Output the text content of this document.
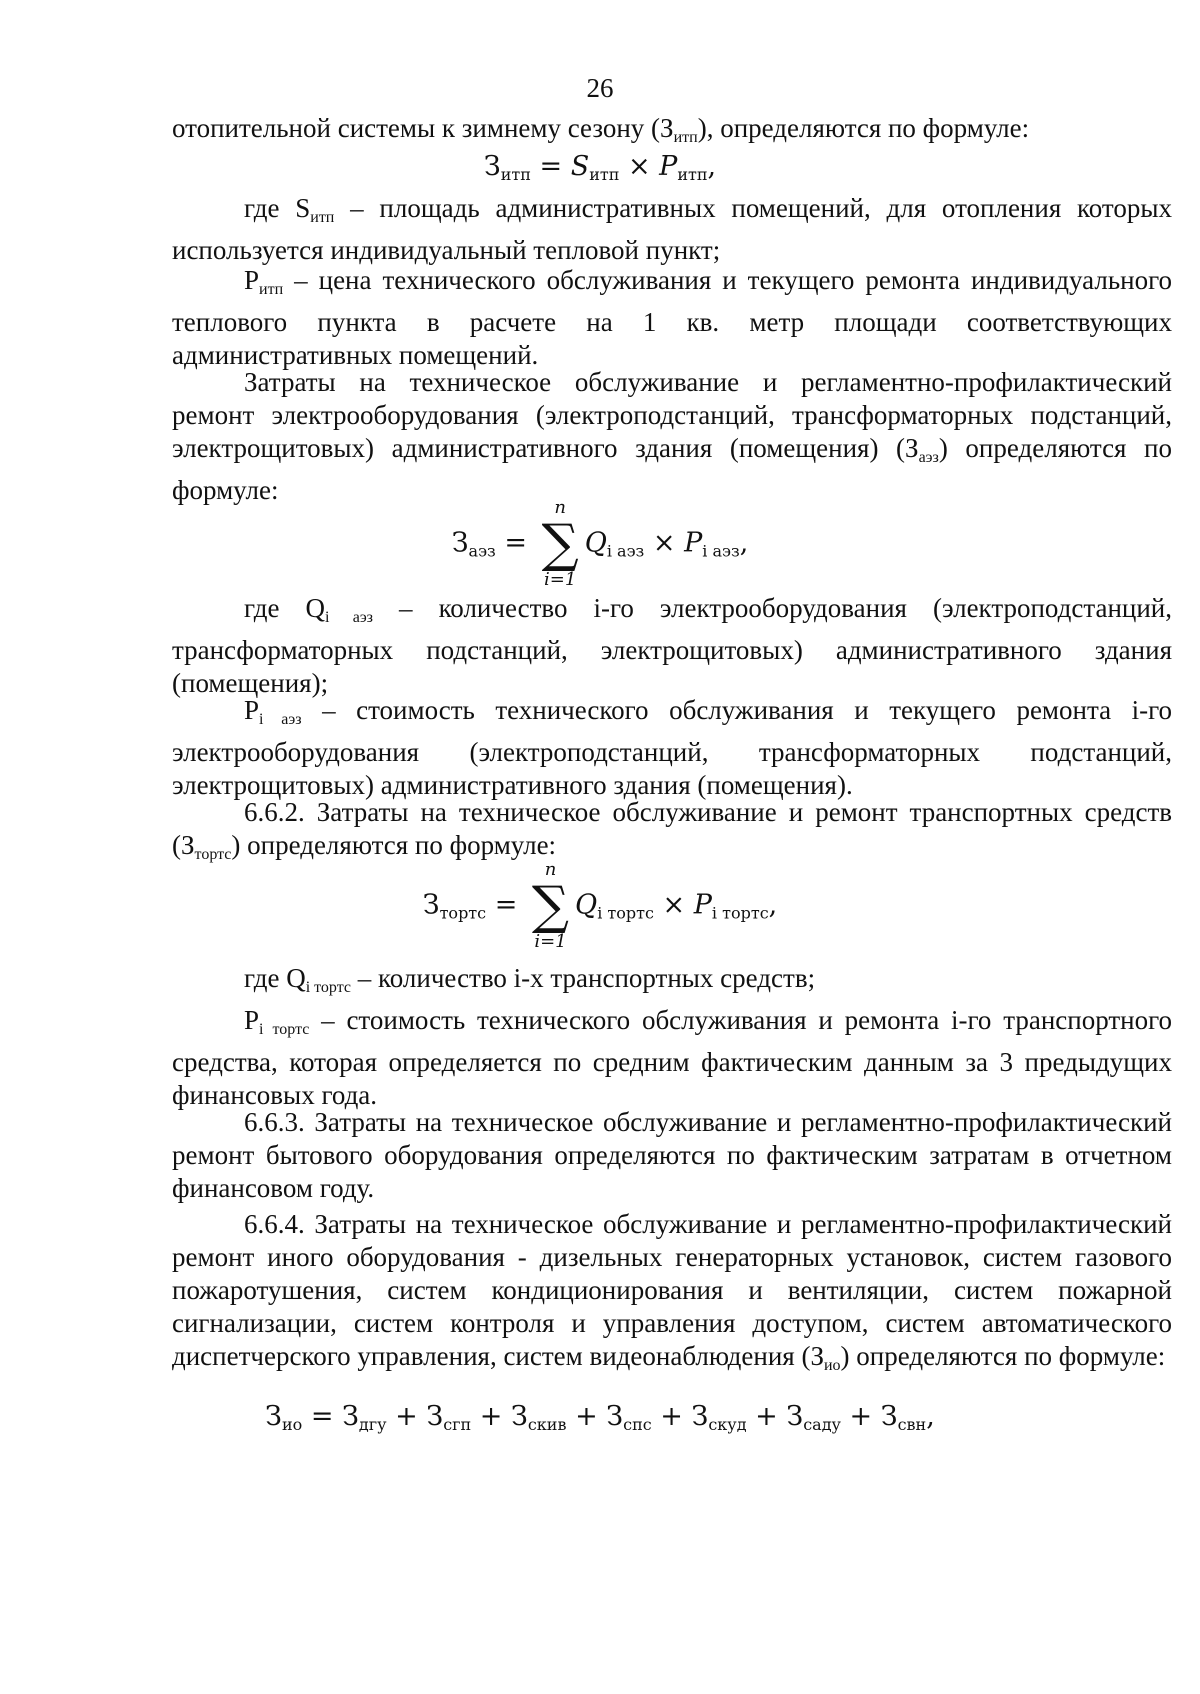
26

отопительной системы к зимнему сезону $(З_{итп})$, определяются по формуле:

$З_{итп} = S_{итп} \times P_{итп}$,

где $S_{итп}$ – площадь административных помещений, для отопления которых используется индивидуальный тепловой пункт;

$P_{итп}$ – цена технического обслуживания и текущего ремонта индивидуального теплового пункта в расчете на 1 кв. метр площади соответствующих административных помещений.

Затраты на техническое обслуживание и регламентно-профилактический ремонт электрооборудования (электроподстанций, трансформаторных подстанций, электрощитовых) административного здания (помещения) $(З_{аэз})$ определяются по формуле:

$З_{аэз}$ =
n
∑
i=1
$Q_{i аэз} \times P_{i аэз}$,

где $Q_{i аэз}$ – количество i-го электрооборудования (электроподстанций, трансформаторных подстанций, электрощитовых) административного здания (помещения);

$P_{i аэз}$ – стоимость технического обслуживания и текущего ремонта i-го электрооборудования (электроподстанций, трансформаторных подстанций, электрощитовых) административного здания (помещения).

6.6.2. Затраты на техническое обслуживание и ремонт транспортных средств $(З_{тортс})$ определяются по формуле:

$З_{тортс}$ =
n
∑
i=1
$Q_{i тортс} \times P_{i тортс}$,

где $Q_{i тортс}$ – количество i-х транспортных средств;

$P_{i тортс}$ – стоимость технического обслуживания и ремонта i-го транспортного средства, которая определяется по средним фактическим данным за 3 предыдущих финансовых года.

6.6.3. Затраты на техническое обслуживание и регламентно-профилактический ремонт бытового оборудования определяются по фактическим затратам в отчетном финансовом году.

6.6.4. Затраты на техническое обслуживание и регламентно-профилактический ремонт иного оборудования - дизельных генераторных установок, систем газового пожаротушения, систем кондиционирования и вентиляции, систем пожарной сигнализации, систем контроля и управления доступом, систем автоматического диспетчерского управления, систем видеонаблюдения $(З_{ио})$ определяются по формуле:

$З_{ио} = З_{дгу} + З_{сгп} + З_{скив} + З_{спс} + З_{скуд} + З_{саду} + З_{свн}$,
